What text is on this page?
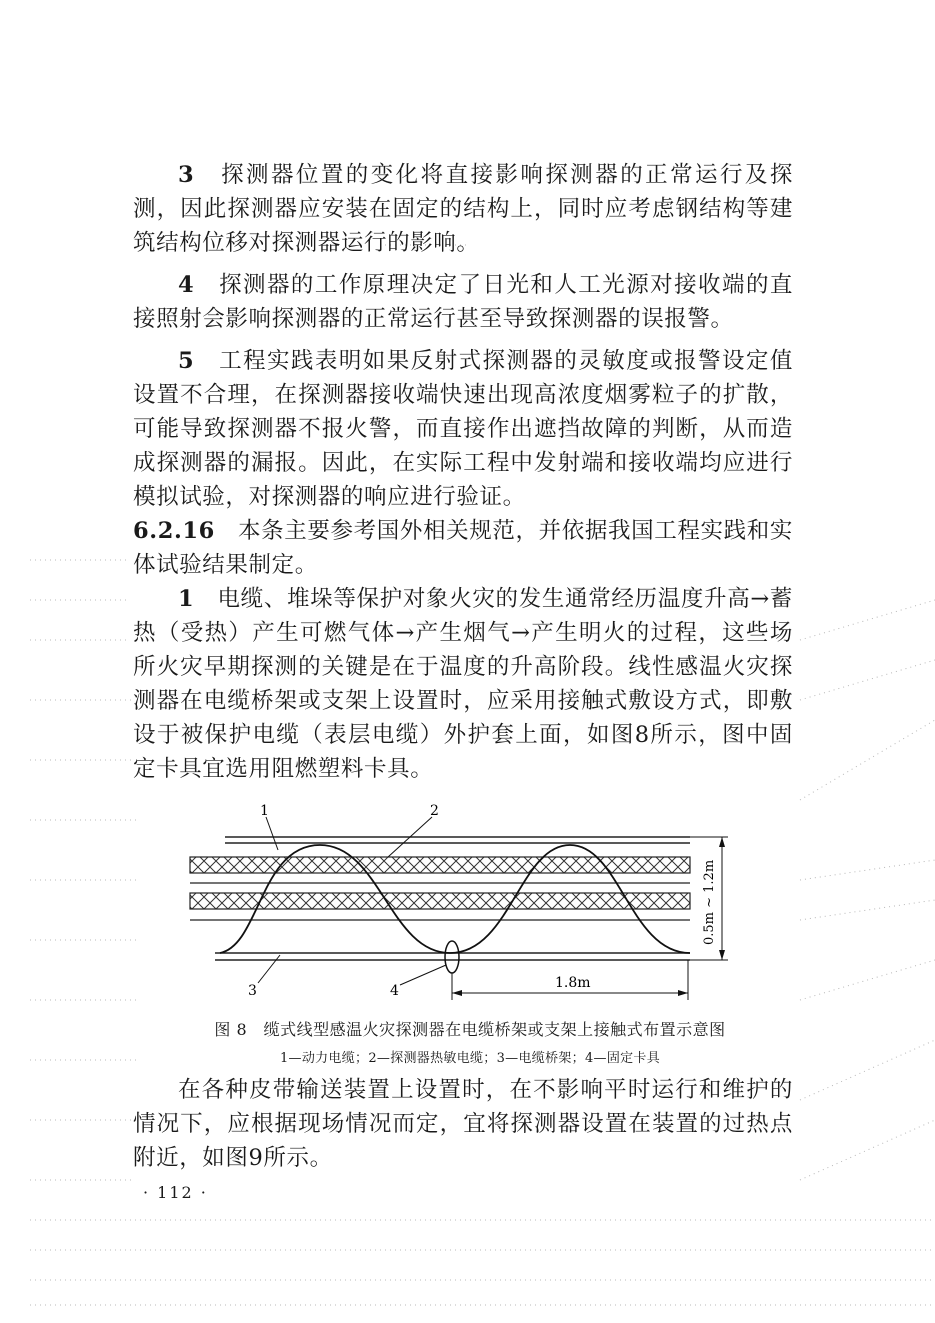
3　 探测器位置的变化将直接影响探测器的正常运行及探测，因此探测器应安装在固定的结构上，同时应考虑钢结构等建筑结构位移对探测器运行的影响。

4　 探测器的工作原理决定了日光和人工光源对接收端的直接照射会影响探测器的正常运行甚至导致探测器的误报警。

5　 工程实践表明如果反射式探测器的灵敏度或报警设定值设置不合理，在探测器接收端快速出现高浓度烟雾粒子的扩散，可能导致探测器不报火警，而直接作出遮挡故障的判断，从而造成探测器的漏报。因此，在实际工程中发射端和接收端均应进行模拟试验，对探测器的响应进行验证。

6.2.16　 本条主要参考国外相关规范，并依据我国工程实践和实体试验结果制定。

1　 电缆、堆垛等保护对象火灾的发生通常经历温度升高→蓄热（受热）产生可燃气体→产生烟气→产生明火的过程，这些场所火灾早期探测的关键是在于温度的升高阶段。线性感温火灾探测器在电缆桥架或支架上设置时，应采用接触式敷设方式，即敷设于被保护电缆（表层电缆）外护套上面，如图8所示，图中固定卡具宜选用阻燃塑料卡具。

1	2
3	4	1.8m
0.5m ~ 1.2m
图 8　缆式线型感温火灾探测器在电缆桥架或支架上接触式布置示意图
1—动力电缆；2—探测器热敏电缆；3—电缆桥架；4—固定卡具

在各种皮带输送装置上设置时，在不影响平时运行和维护的情况下，应根据现场情况而定，宜将探测器设置在装置的过热点附近，如图9所示。

· 112 ·
